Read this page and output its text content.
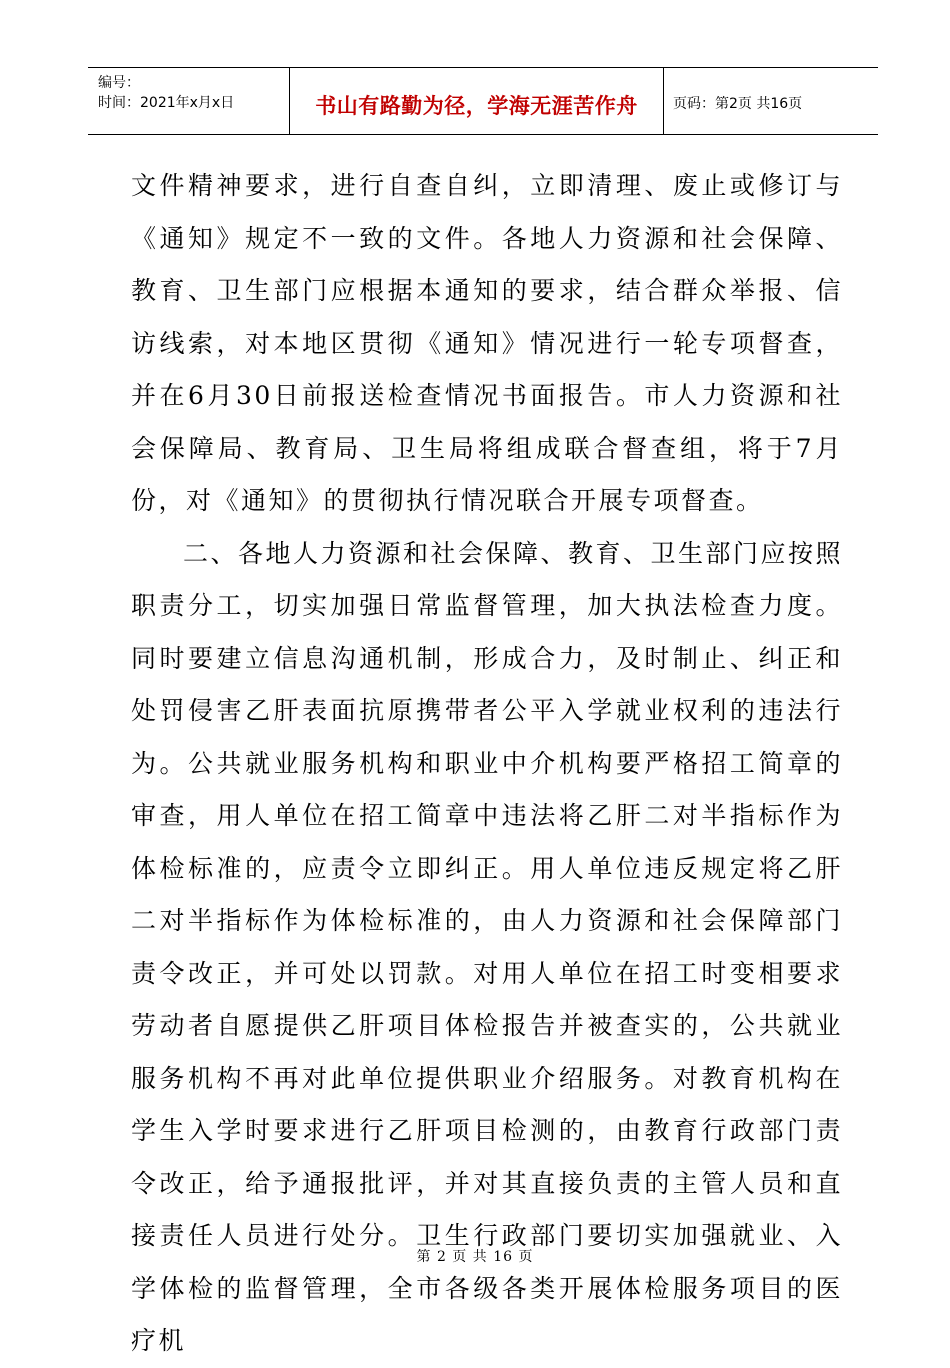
编号：
时间：2021年x月x日	书山有路勤为径，学海无涯苦作舟	页码：第2页 共16页

文件精神要求，进行自查自纠，立即清理、废止或修订与《通知》规定不一致的文件。各地人力资源和社会保障、教育、卫生部门应根据本通知的要求，结合群众举报、信访线索，对本地区贯彻《通知》情况进行一轮专项督查，并在6月30日前报送检查情况书面报告。市人力资源和社会保障局、教育局、卫生局将组成联合督查组，将于7月份，对《通知》的贯彻执行情况联合开展专项督查。

二、各地人力资源和社会保障、教育、卫生部门应按照职责分工，切实加强日常监督管理，加大执法检查力度。同时要建立信息沟通机制，形成合力，及时制止、纠正和处罚侵害乙肝表面抗原携带者公平入学就业权利的违法行为。公共就业服务机构和职业中介机构要严格招工简章的审查，用人单位在招工简章中违法将乙肝二对半指标作为体检标准的，应责令立即纠正。用人单位违反规定将乙肝二对半指标作为体检标准的，由人力资源和社会保障部门责令改正，并可处以罚款。对用人单位在招工时变相要求劳动者自愿提供乙肝项目体检报告并被查实的，公共就业服务机构不再对此单位提供职业介绍服务。对教育机构在学生入学时要求进行乙肝项目检测的，由教育行政部门责令改正，给予通报批评，并对其直接负责的主管人员和直接责任人员进行处分。卫生行政部门要切实加强就业、入学体检的监督管理，全市各级各类开展体检服务项目的医疗机

第 2 页 共 16 页
